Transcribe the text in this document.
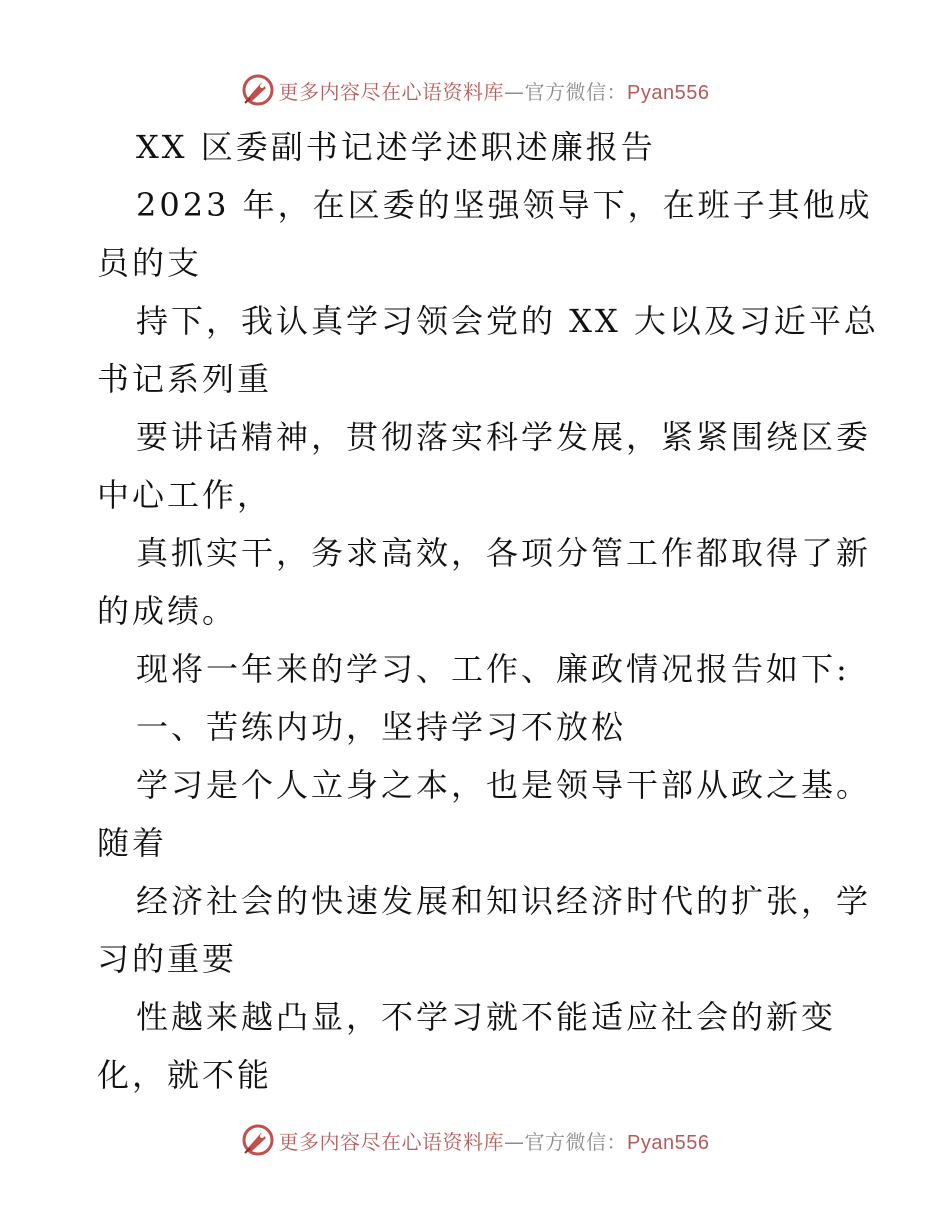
更多内容尽在心语资料库—官方微信：Pyan556
XX 区委副书记述学述职述廉报告
2023 年，在区委的坚强领导下，在班子其他成
员的支
持下，我认真学习领会党的 XX 大以及习近平总
书记系列重
要讲话精神，贯彻落实科学发展，紧紧围绕区委
中心工作，
真抓实干，务求高效，各项分管工作都取得了新
的成绩。
现将一年来的学习、工作、廉政情况报告如下:
一、苦练内功，坚持学习不放松
学习是个人立身之本，也是领导干部从政之基。
随着
经济社会的快速发展和知识经济时代的扩张，学
习的重要
性越来越凸显，不学习就不能适应社会的新变
化，就不能
更多内容尽在心语资料库—官方微信：Pyan556
